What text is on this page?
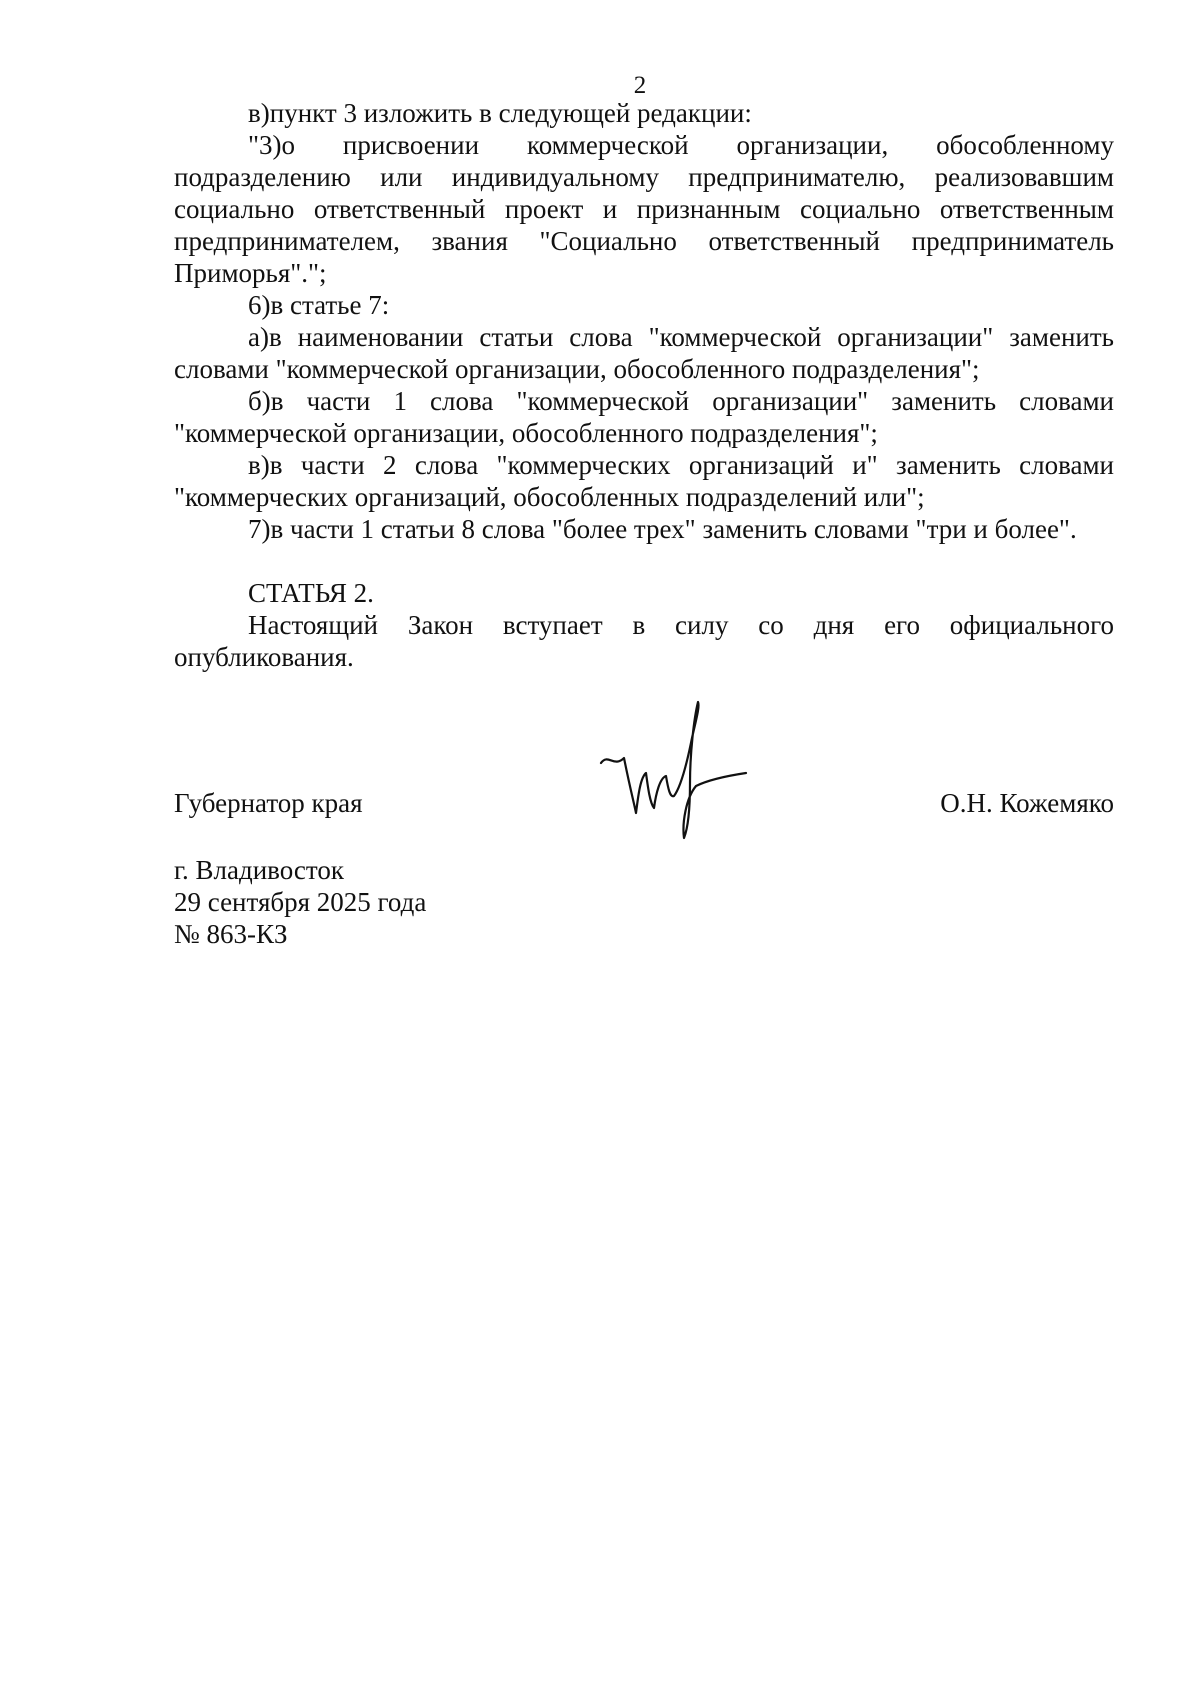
2

в)пункт 3 изложить в следующей редакции:

"3)о присвоении коммерческой организации, обособленному подразделению или индивидуальному предпринимателю, реализовавшим социально ответственный проект и признанным социально ответственным предпринимателем, звания "Социально ответственный предприниматель Приморья".";

6)в статье 7:

а)в наименовании статьи слова "коммерческой организации" заменить словами "коммерческой организации, обособленного подразделения";

б)в части 1 слова "коммерческой организации" заменить словами "коммерческой организации, обособленного подразделения";

в)в части 2 слова "коммерческих организаций и" заменить словами "коммерческих организаций, обособленных подразделений или";

7)в части 1 статьи 8 слова "более трех" заменить словами "три и более".

СТАТЬЯ 2.

Настоящий Закон вступает в силу со дня его официального опубликования.

Губернатор края	О.Н. Кожемяко
г. Владивосток
29 сентября 2025 года
№ 863-КЗ
